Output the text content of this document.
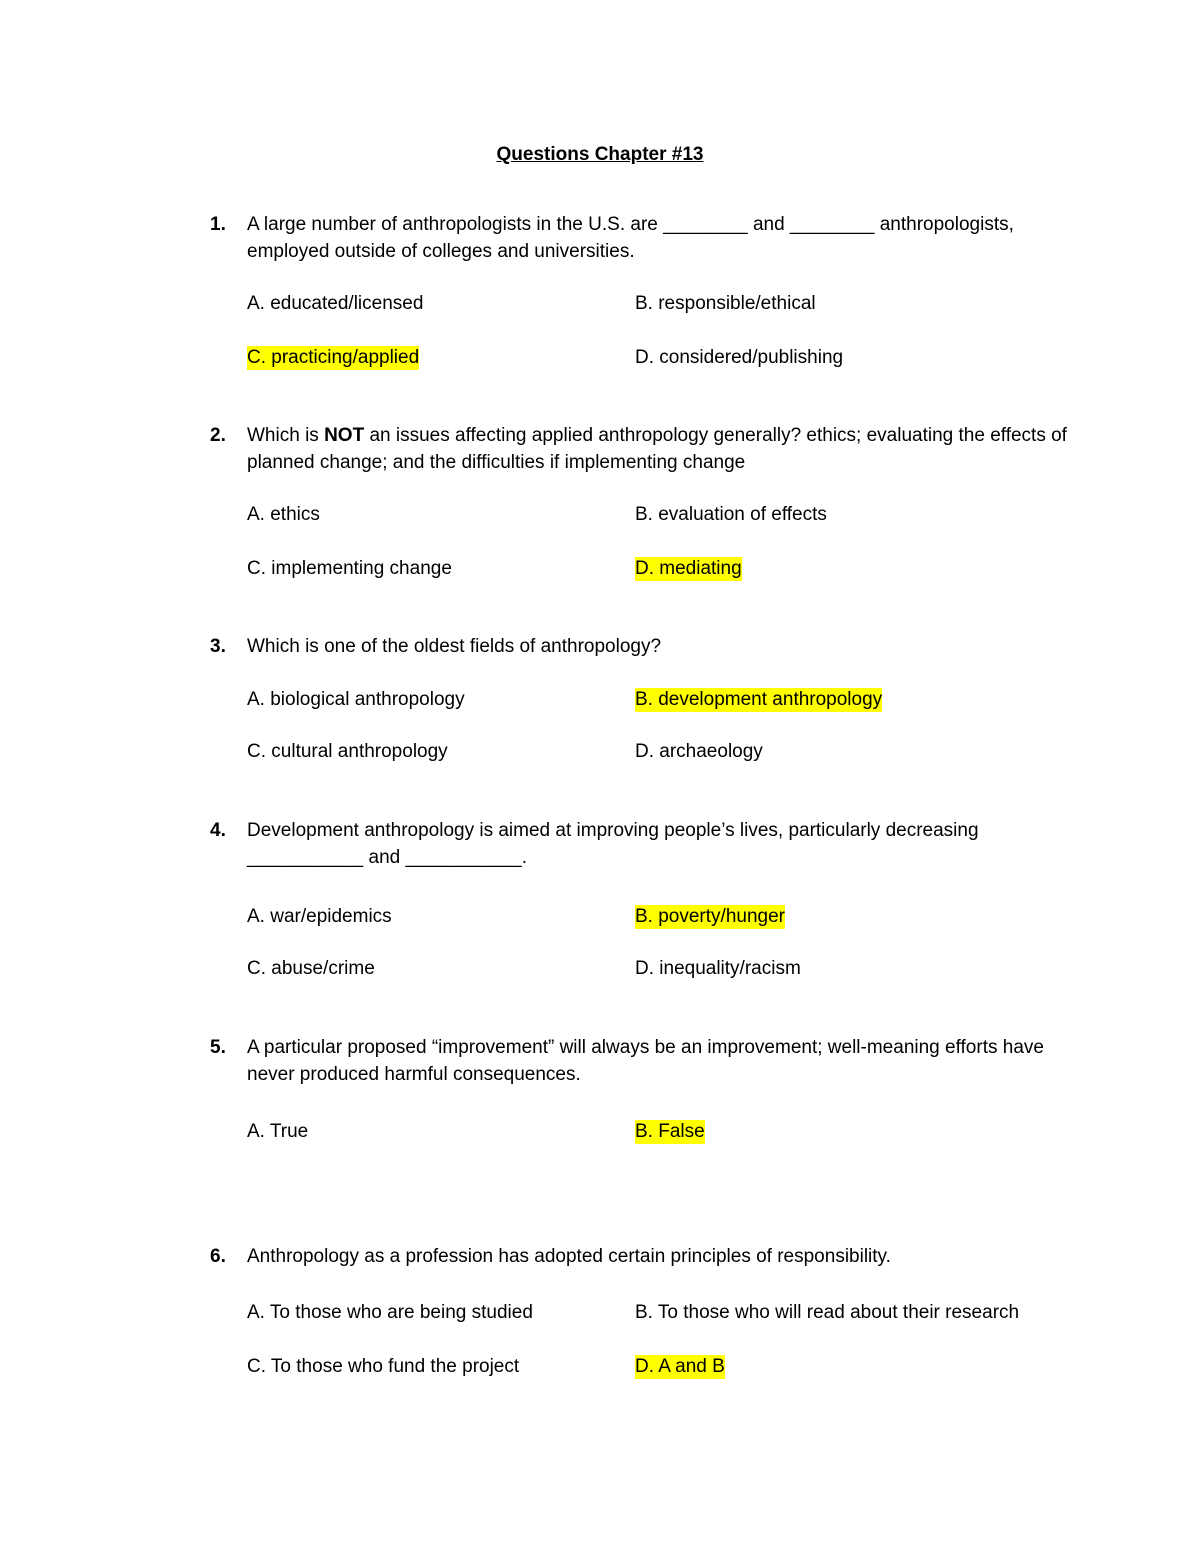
Questions Chapter #13
1. A large number of anthropologists in the U.S. are ________ and ________ anthropologists, employed outside of colleges and universities.
A. educated/licensed	B. responsible/ethical
C. practicing/applied	D. considered/publishing
2. Which is NOT an issues affecting applied anthropology generally? ethics; evaluating the effects of planned change; and the difficulties if implementing change
A. ethics	B. evaluation of effects
C. implementing change	D. mediating
3. Which is one of the oldest fields of anthropology?
A. biological anthropology	B. development anthropology
C. cultural anthropology	D. archaeology
4. Development anthropology is aimed at improving people’s lives, particularly decreasing ___________ and ___________.
A. war/epidemics	B. poverty/hunger
C. abuse/crime	D. inequality/racism
5. A particular proposed “improvement” will always be an improvement; well-meaning efforts have never produced harmful consequences.
A. True	B. False
6. Anthropology as a profession has adopted certain principles of responsibility.
A. To those who are being studied	B. To those who will read about their research
C. To those who fund the project	D. A and B
